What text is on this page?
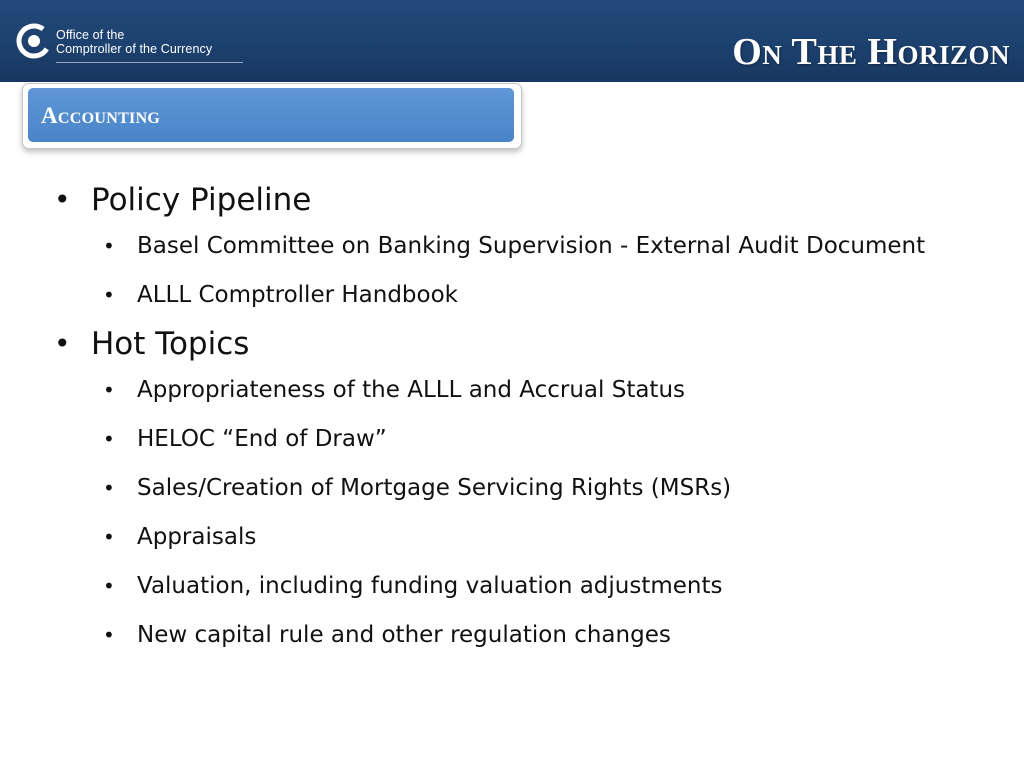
Office of the
Comptroller of the Currency	On The Horizon
Accounting
• Policy Pipeline
• Basel Committee on Banking Supervision - External Audit Document
• ALLL Comptroller Handbook
• Hot Topics
• Appropriateness of the ALLL and Accrual Status
• HELOC “End of Draw”
• Sales/Creation of Mortgage Servicing Rights (MSRs)
• Appraisals
• Valuation, including funding valuation adjustments
• New capital rule and other regulation changes
